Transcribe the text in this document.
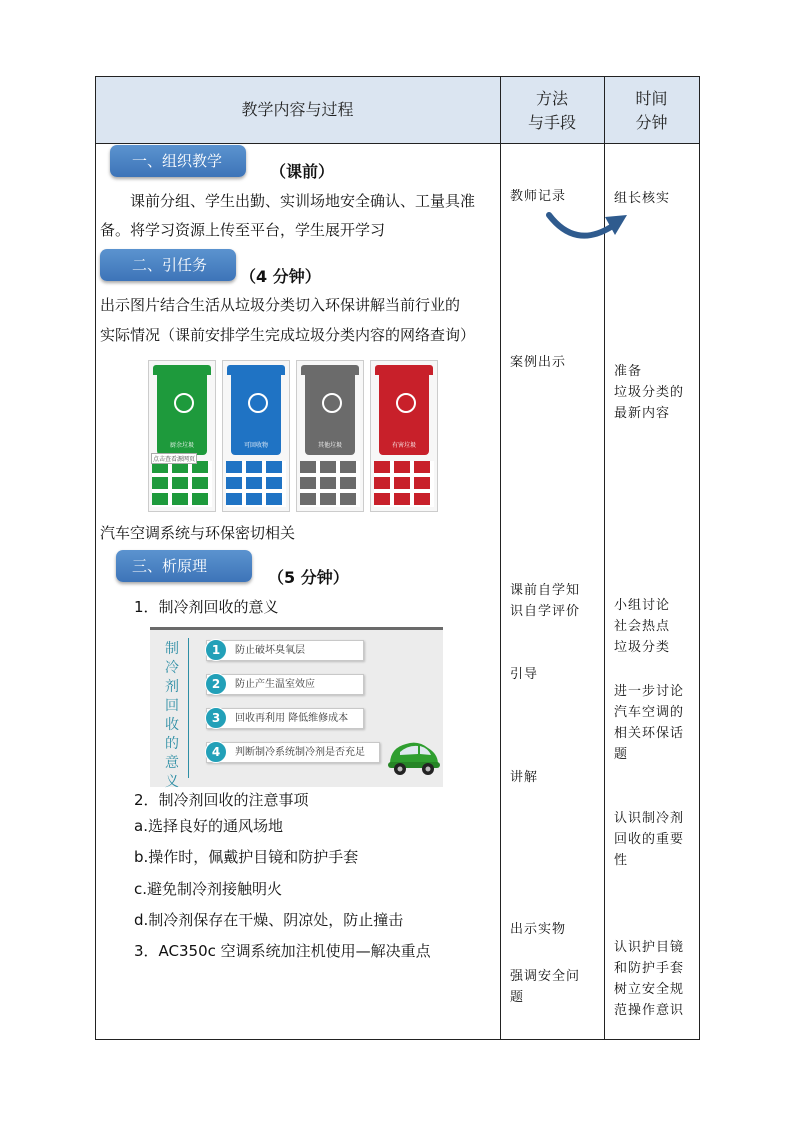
教学内容与过程
方法
与手段
时间
分钟
一、组织教学
（课前）
课前分组、学生出勤、实训场地安全确认、工量具准
备。将学习资源上传至平台，学生展开学习
二、引任务
（4 分钟）
出示图片结合生活从垃圾分类切入环保讲解当前行业的
实际情况（课前安排学生完成垃圾分类内容的网络查询）
厨余垃圾
点击查看源网页
可回收物	其他垃圾	有害垃圾
汽车空调系统与环保密切相关
三、析原理
（5 分钟）
1．制冷剂回收的意义
制
冷
剂
回
收
的
意
义
1	防止破坏臭氧层
2	防止产生温室效应
3	回收再利用 降低维修成本
4	判断制冷系统制冷剂是否充足
2．制冷剂回收的注意事项
a.选择良好的通风场地
b.操作时，佩戴护目镜和防护手套
c.避免制冷剂接触明火
d.制冷剂保存在干燥、阴凉处，防止撞击
3．AC350c 空调系统加注机使用—解决重点
教师记录
案例出示
课前自学知
识自学评价
引导
讲解
出示实物
强调安全问
题
组长核实
准备
垃圾分类的
最新内容
小组讨论
社会热点
垃圾分类
进一步讨论
汽车空调的
相关环保话
题
认识制冷剂
回收的重要
性
认识护目镜
和防护手套
树立安全规
范操作意识
